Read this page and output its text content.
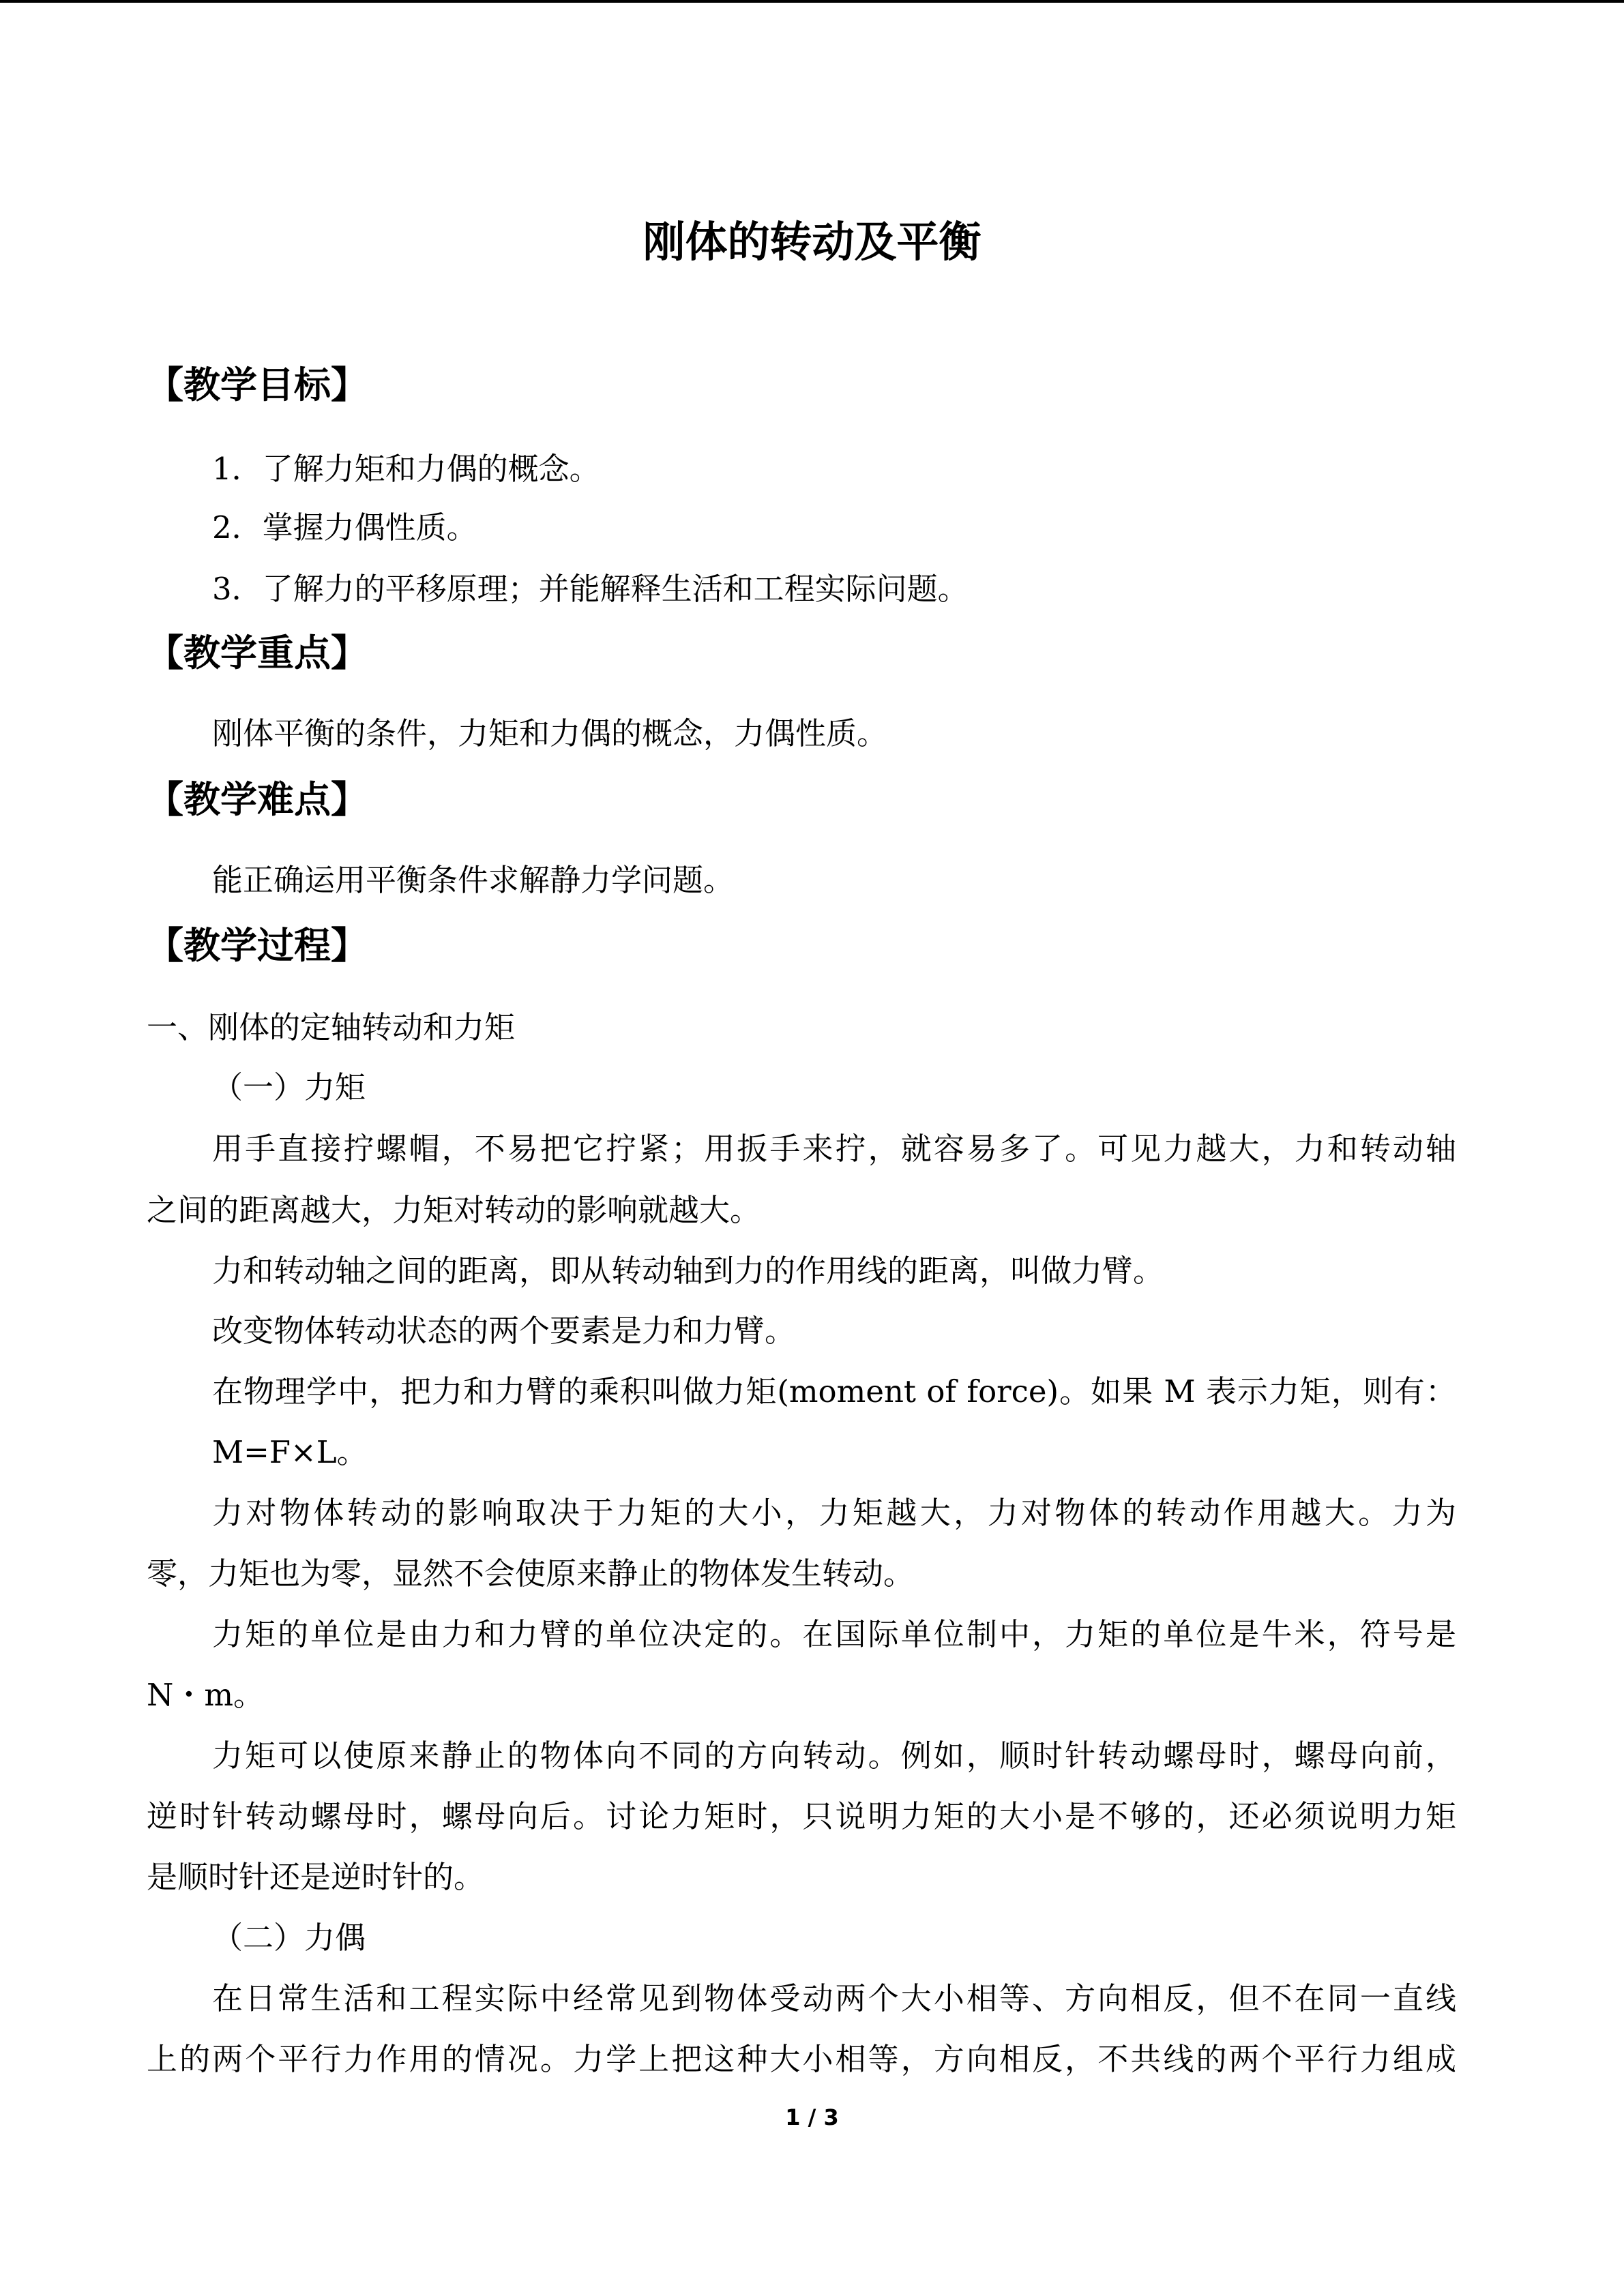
刚体的转动及平衡
【教学目标】

1．了解力矩和力偶的概念。

2．掌握力偶性质。

3．了解力的平移原理；并能解释生活和工程实际问题。

【教学重点】

刚体平衡的条件，力矩和力偶的概念，力偶性质。

【教学难点】

能正确运用平衡条件求解静力学问题。

【教学过程】

一、刚体的定轴转动和力矩

（一）力矩

用手直接拧螺帽，不易把它拧紧；用扳手来拧，就容易多了。可见力越大，力和转动轴

之间的距离越大，力矩对转动的影响就越大。

力和转动轴之间的距离，即从转动轴到力的作用线的距离，叫做力臂。

改变物体转动状态的两个要素是力和力臂。

在物理学中，把力和力臂的乘积叫做力矩(moment of force)。如果 M 表示力矩，则有：

M=F×L。

力对物体转动的影响取决于力矩的大小，力矩越大，力对物体的转动作用越大。力为

零，力矩也为零，显然不会使原来静止的物体发生转动。

力矩的单位是由力和力臂的单位决定的。在国际单位制中，力矩的单位是牛米，符号是

N・m。

力矩可以使原来静止的物体向不同的方向转动。例如，顺时针转动螺母时，螺母向前，

逆时针转动螺母时，螺母向后。讨论力矩时，只说明力矩的大小是不够的，还必须说明力矩

是顺时针还是逆时针的。

（二）力偶

在日常生活和工程实际中经常见到物体受动两个大小相等、方向相反，但不在同一直线

上的两个平行力作用的情况。力学上把这种大小相等，方向相反，不共线的两个平行力组成

1 / 3
